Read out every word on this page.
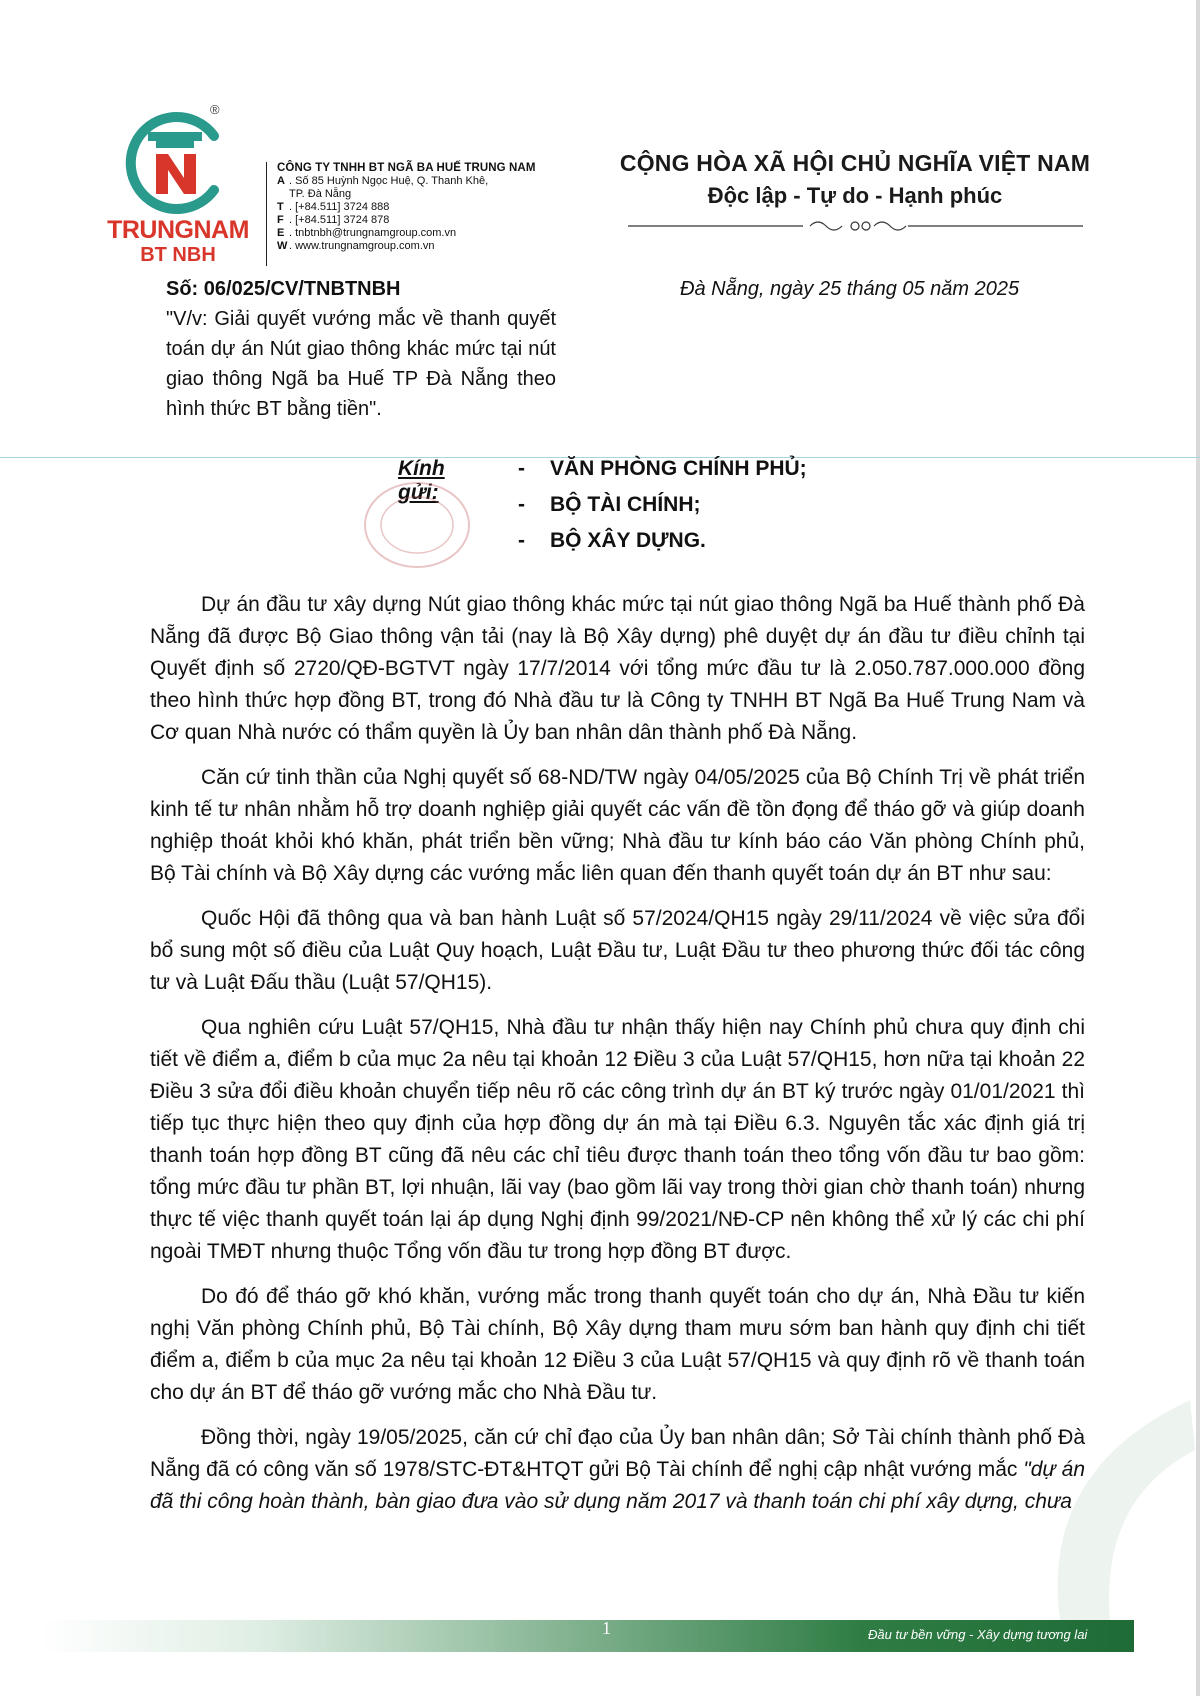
®
TRUNGNAM
BT NBH
CÔNG TY TNHH BT NGÃ BA HUẾ TRUNG NAM
A . Số 85 Huỳnh Ngọc Huệ, Q. Thanh Khê,
TP. Đà Nẵng
T . [+84.511] 3724 888
F . [+84.511] 3724 878
E . tnbtnbh@trungnamgroup.com.vn
W . www.trungnamgroup.com.vn
CỘNG HÒA XÃ HỘI CHỦ NGHĨA VIỆT NAM
Độc lập - Tự do - Hạnh phúc
Số: 06/025/CV/TNBTNBH	Đà Nẵng, ngày 25 tháng 05 năm 2025
"V/v: Giải quyết vướng mắc về thanh quyết toán dự án Nút giao thông khác mức tại nút giao thông Ngã ba Huế TP Đà Nẵng theo hình thức BT bằng tiền".
Kính gửi:
- VĂN PHÒNG CHÍNH PHỦ;
- BỘ TÀI CHÍNH;
- BỘ XÂY DỰNG.

Dự án đầu tư xây dựng Nút giao thông khác mức tại nút giao thông Ngã ba Huế thành phố Đà Nẵng đã được Bộ Giao thông vận tải (nay là Bộ Xây dựng) phê duyệt dự án đầu tư điều chỉnh tại Quyết định số 2720/QĐ-BGTVT ngày 17/7/2014 với tổng mức đầu tư là 2.050.787.000.000 đồng theo hình thức hợp đồng BT, trong đó Nhà đầu tư là Công ty TNHH BT Ngã Ba Huế Trung Nam và Cơ quan Nhà nước có thẩm quyền là Ủy ban nhân dân thành phố Đà Nẵng.

Căn cứ tinh thần của Nghị quyết số 68-ND/TW ngày 04/05/2025 của Bộ Chính Trị về phát triển kinh tế tư nhân nhằm hỗ trợ doanh nghiệp giải quyết các vấn đề tồn đọng để tháo gỡ và giúp doanh nghiệp thoát khỏi khó khăn, phát triển bền vững; Nhà đầu tư kính báo cáo Văn phòng Chính phủ, Bộ Tài chính và Bộ Xây dựng các vướng mắc liên quan đến thanh quyết toán dự án BT như sau:

Quốc Hội đã thông qua và ban hành Luật số 57/2024/QH15 ngày 29/11/2024 về việc sửa đổi bổ sung một số điều của Luật Quy hoạch, Luật Đầu tư, Luật Đầu tư theo phương thức đối tác công tư và Luật Đấu thầu (Luật 57/QH15).

Qua nghiên cứu Luật 57/QH15, Nhà đầu tư nhận thấy hiện nay Chính phủ chưa quy định chi tiết về điểm a, điểm b của mục 2a nêu tại khoản 12 Điều 3 của Luật 57/QH15, hơn nữa tại khoản 22 Điều 3 sửa đổi điều khoản chuyển tiếp nêu rõ các công trình dự án BT ký trước ngày 01/01/2021 thì tiếp tục thực hiện theo quy định của hợp đồng dự án mà tại Điều 6.3. Nguyên tắc xác định giá trị thanh toán hợp đồng BT cũng đã nêu các chỉ tiêu được thanh toán theo tổng vốn đầu tư bao gồm: tổng mức đầu tư phần BT, lợi nhuận, lãi vay (bao gồm lãi vay trong thời gian chờ thanh toán) nhưng thực tế việc thanh quyết toán lại áp dụng Nghị định 99/2021/NĐ-CP nên không thể xử lý các chi phí ngoài TMĐT nhưng thuộc Tổng vốn đầu tư trong hợp đồng BT được.

Do đó để tháo gỡ khó khăn, vướng mắc trong thanh quyết toán cho dự án, Nhà Đầu tư kiến nghị Văn phòng Chính phủ, Bộ Tài chính, Bộ Xây dựng tham mưu sớm ban hành quy định chi tiết điểm a, điểm b của mục 2a nêu tại khoản 12 Điều 3 của Luật 57/QH15 và quy định rõ về thanh toán cho dự án BT để tháo gỡ vướng mắc cho Nhà Đầu tư.

Đồng thời, ngày 19/05/2025, căn cứ chỉ đạo của Ủy ban nhân dân; Sở Tài chính thành phố Đà Nẵng đã có công văn số 1978/STC-ĐT&HTQT gửi Bộ Tài chính để nghị cập nhật vướng mắc "dự án đã thi công hoàn thành, bàn giao đưa vào sử dụng năm 2017 và thanh toán chi phí xây dựng, chưa

1	Đầu tư bền vững - Xây dựng tương lai
